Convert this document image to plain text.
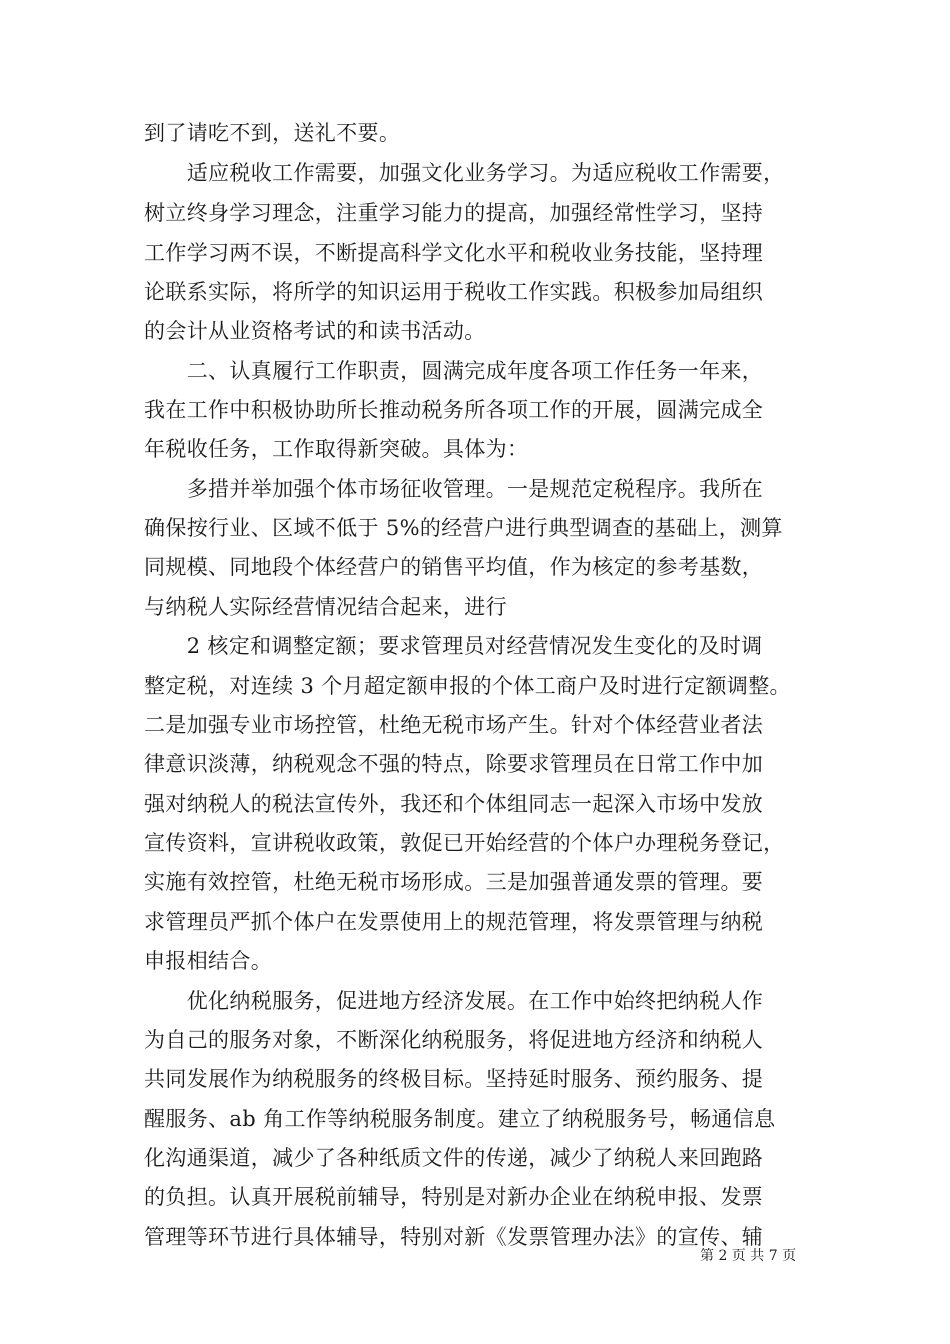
到了请吃不到，送礼不要。
　　适应税收工作需要，加强文化业务学习。为适应税收工作需要，
树立终身学习理念，注重学习能力的提高，加强经常性学习，坚持
工作学习两不误，不断提高科学文化水平和税收业务技能，坚持理
论联系实际，将所学的知识运用于税收工作实践。积极参加局组织
的会计从业资格考试的和读书活动。
　　二、认真履行工作职责，圆满完成年度各项工作任务一年来，
我在工作中积极协助所长推动税务所各项工作的开展，圆满完成全
年税收任务，工作取得新突破。具体为：
　　多措并举加强个体市场征收管理。一是规范定税程序。我所在
确保按行业、区域不低于 5%的经营户进行典型调查的基础上，测算
同规模、同地段个体经营户的销售平均值，作为核定的参考基数，
与纳税人实际经营情况结合起来，进行
　　2 核定和调整定额；要求管理员对经营情况发生变化的及时调
整定税，对连续 3 个月超定额申报的个体工商户及时进行定额调整。
二是加强专业市场控管，杜绝无税市场产生。针对个体经营业者法
律意识淡薄，纳税观念不强的特点，除要求管理员在日常工作中加
强对纳税人的税法宣传外，我还和个体组同志一起深入市场中发放
宣传资料，宣讲税收政策，敦促已开始经营的个体户办理税务登记，
实施有效控管，杜绝无税市场形成。三是加强普通发票的管理。要
求管理员严抓个体户在发票使用上的规范管理，将发票管理与纳税
申报相结合。
　　优化纳税服务，促进地方经济发展。在工作中始终把纳税人作
为自己的服务对象，不断深化纳税服务，将促进地方经济和纳税人
共同发展作为纳税服务的终极目标。坚持延时服务、预约服务、提
醒服务、ab 角工作等纳税服务制度。建立了纳税服务号，畅通信息
化沟通渠道，减少了各种纸质文件的传递，减少了纳税人来回跑路
的负担。认真开展税前辅导，特别是对新办企业在纳税申报、发票
管理等环节进行具体辅导，特别对新《发票管理办法》的宣传、辅
第 2 页 共 7 页
